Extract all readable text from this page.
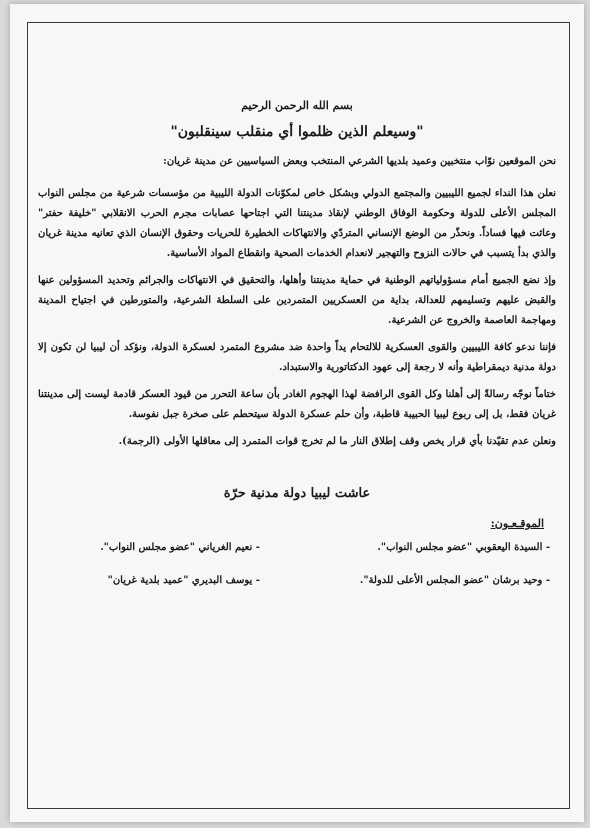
بسم الله الرحمن الرحيم
"وسيعلم الذين ظلموا أي منقلب سينقلبون"
نحن الموقعين نوّاب منتخبين وعميد بلديها الشرعي المنتخب وبعض السياسيين عن مدينة غريان:

نعلن هذا النداء لجميع الليبيين والمجتمع الدولي وبشكل خاص لمكوّنات الدولة الليبية من مؤسسات شرعية من مجلس النواب المجلس الأعلى للدولة وحكومة الوفاق الوطني لإنقاذ مدينتنا التي اجتاحها عصابات مجرم الحرب الانقلابي "خليفة حفتر" وعاثت فيها فساداً. ونحذّر من الوضع الإنساني المتردّي والانتهاكات الخطيرة للحريات وحقوق الإنسان الذي تعانيه مدينة غريان والذي بدأ يتسبب في حالات النزوح والتهجير لانعدام الخدمات الصحية وانقطاع المواد الأساسية.

وإذ نضع الجميع أمام مسؤولياتهم الوطنية في حماية مدينتنا وأهلها، والتحقيق في الانتهاكات والجرائم وتحديد المسؤولين عنها والقبض عليهم وتسليمهم للعدالة، بداية من العسكريين المتمردين على السلطة الشرعية، والمتورطين في اجتياح المدينة ومهاجمة العاصمة والخروج عن الشرعية.

فإننا ندعو كافة الليبيين والقوى العسكرية للالتحام يداً واحدة ضد مشروع المتمرد لعسكرة الدولة، ونؤكد أن ليبيا لن تكون إلا دولة مدنية ديمقراطية وأنه لا رجعة إلى عهود الدكتاتورية والاستبداد.

ختاماً نوجّه رسالةً إلى أهلنا وكل القوى الرافضة لهذا الهجوم الغادر بأن ساعة التحرر من قيود العسكر قادمة ليست إلى مدينتنا غريان فقط، بل إلى ربوع ليبيا الحبيبة قاطبة، وأن حلم عسكرة الدولة سيتحطم على صخرة جبل نفوسة.

ونعلن عدم تقيّدنا بأي قرار يخص وقف إطلاق النار ما لم تخرج قوات المتمرد إلى معاقلها الأولى (الرجمة).

عاشت ليبيا دولة مدنية حرّة
الموقـعـون:
- السيدة اليعقوبي "عضو مجلس النواب".
- نعيم الغرياني "عضو مجلس النواب".
- وحيد برشان "عضو المجلس الأعلى للدولة".
- يوسف البديري "عميد بلدية غريان"
